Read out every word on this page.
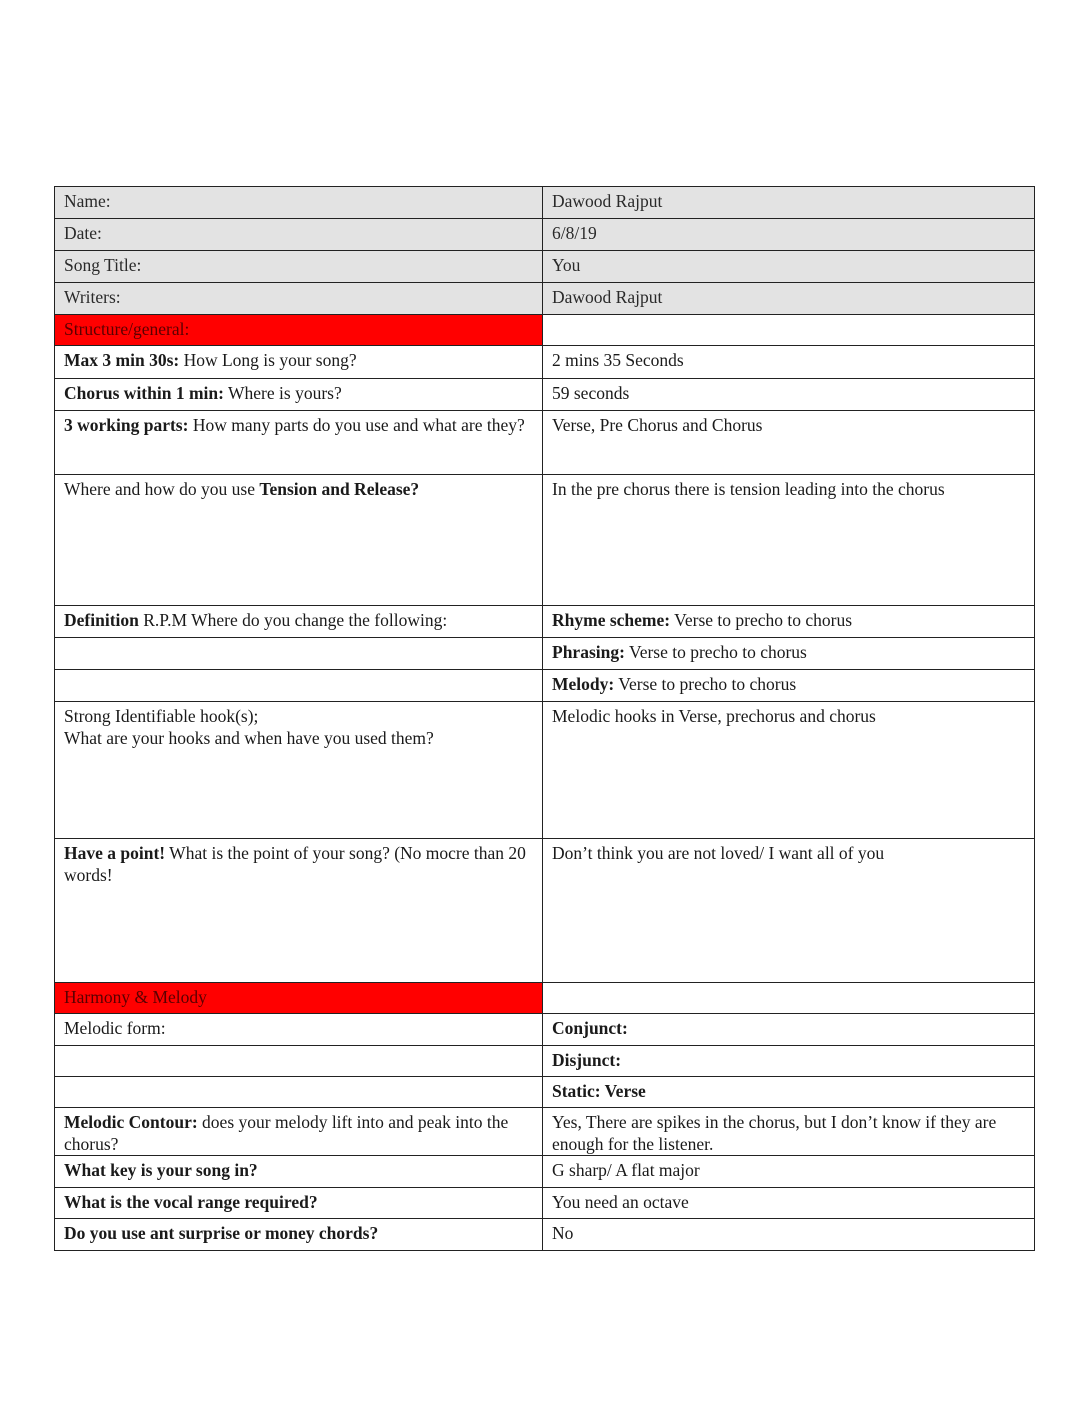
Name:	Dawood Rajput
Date:	6/8/19
Song Title:	You
Writers:	Dawood Rajput
Structure/general:	
Max 3 min 30s: How Long is your song?	2 mins 35 Seconds
Chorus within 1 min: Where is yours?	59 seconds
3 working parts: How many parts do you use and what are they?	Verse, Pre Chorus and Chorus
Where and how do you use Tension and Release?	In the pre chorus there is tension leading into the chorus
Definition R.P.M Where do you change the following:	Rhyme scheme: Verse to precho to chorus
	Phrasing: Verse to precho to chorus
	Melody: Verse to precho to chorus

Strong Identifiable hook(s);
What are your hooks and when have you used them?	Melodic hooks in Verse, prechorus and chorus
Have a point! What is the point of your song? (No mocre than 20 words!	Don’t think you are not loved/ I want all of you
Harmony & Melody	
Melodic form:	Conjunct:
	Disjunct:
	Static: Verse
Melodic Contour: does your melody lift into and peak into the chorus?	Yes, There are spikes in the chorus, but I don’t know if they are enough for the listener.
What key is your song in?	G sharp/ A flat major
What is the vocal range required?	You need an octave
Do you use ant surprise or money chords?	No
